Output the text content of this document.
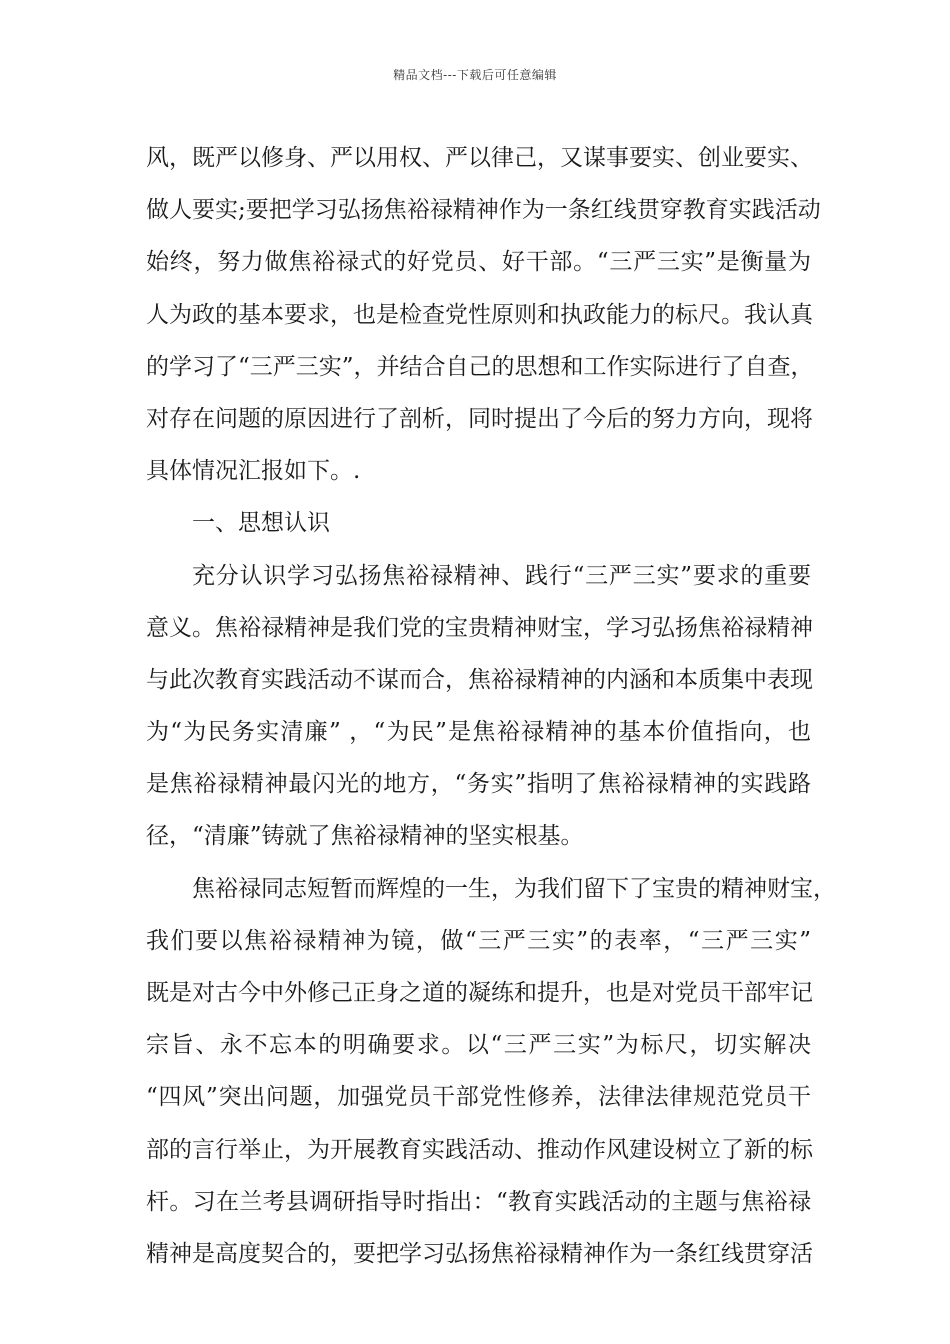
精品文档---下载后可任意编辑
风，既严以修身、严以用权、严以律己，又谋事要实、创业要实、
做人要实;要把学习弘扬焦裕禄精神作为一条红线贯穿教育实践活动
始终，努力做焦裕禄式的好党员、好干部。“三严三实”是衡量为
人为政的基本要求，也是检查党性原则和执政能力的标尺。我认真
的学习了“三严三实”，并结合自己的思想和工作实际进行了自查，
对存在问题的原因进行了剖析，同时提出了今后的努力方向，现将
具体情况汇报如下。.
一、思想认识
充分认识学习弘扬焦裕禄精神、践行“三严三实”要求的重要
意义。焦裕禄精神是我们党的宝贵精神财宝，学习弘扬焦裕禄精神
与此次教育实践活动不谋而合，焦裕禄精神的内涵和本质集中表现
为“为民务实清廉” ，“为民”是焦裕禄精神的基本价值指向，也
是焦裕禄精神最闪光的地方，“务实”指明了焦裕禄精神的实践路
径，“清廉”铸就了焦裕禄精神的坚实根基。
焦裕禄同志短暂而辉煌的一生，为我们留下了宝贵的精神财宝，
我们要以焦裕禄精神为镜，做“三严三实”的表率，“三严三实”
既是对古今中外修己正身之道的凝练和提升，也是对党员干部牢记
宗旨、永不忘本的明确要求。以“三严三实”为标尺，切实解决
“四风”突出问题，加强党员干部党性修养，法律法律规范党员干
部的言行举止，为开展教育实践活动、推动作风建设树立了新的标
杆。习在兰考县调研指导时指出：“教育实践活动的主题与焦裕禄
精神是高度契合的，要把学习弘扬焦裕禄精神作为一条红线贯穿活
